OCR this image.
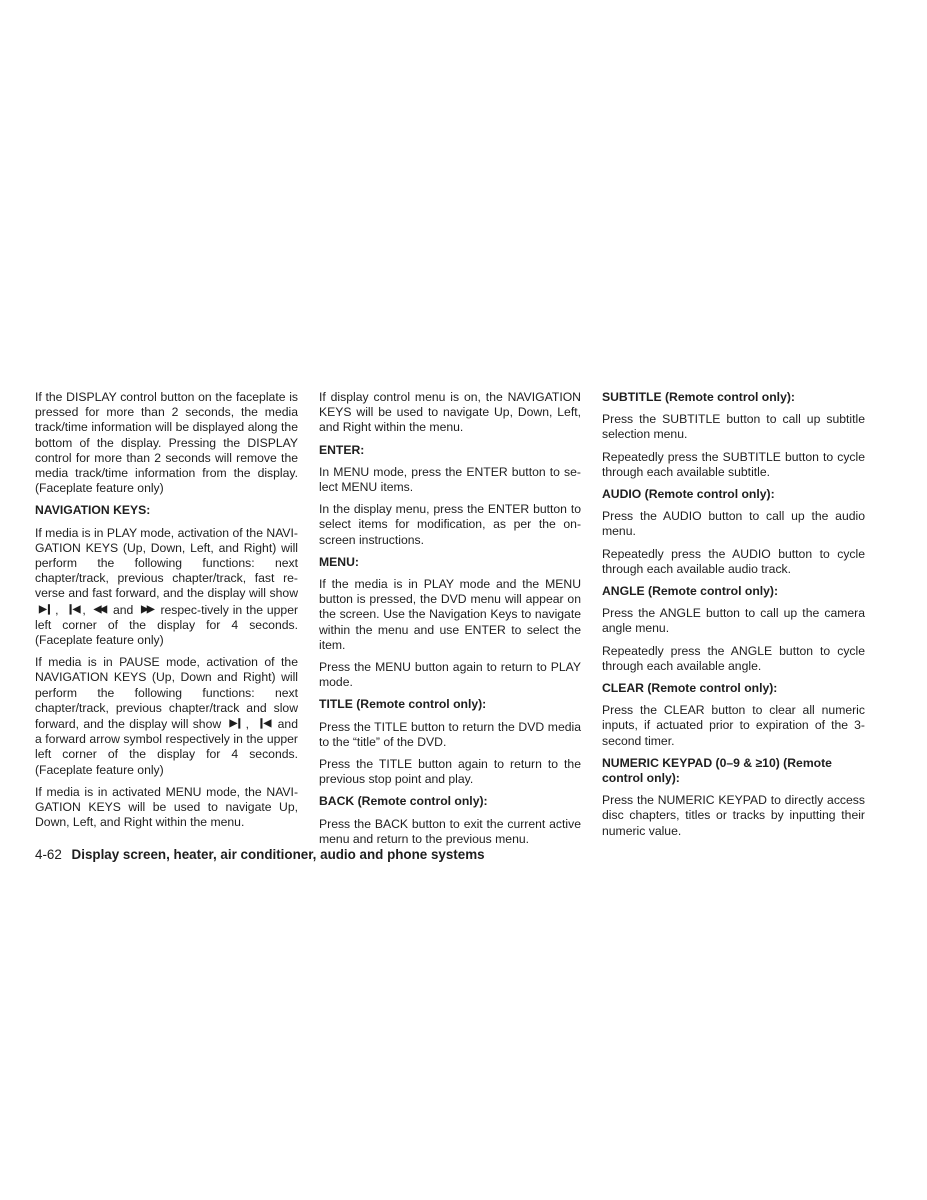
If the DISPLAY control button on the faceplate is pressed for more than 2 seconds, the media track/time information will be displayed along the bottom of the display. Pressing the DISPLAY control for more than 2 seconds will remove the media track/time information from the display. (Faceplate feature only)

NAVIGATION KEYS:

If media is in PLAY mode, activation of the NAVI-GATION KEYS (Up, Down, Left, and Right) will perform the following functions: next chapter/track, previous chapter/track, fast re-verse and fast forward, and the display will show ▶❙ , ❙◀ , ◀◀ and ▶▶ respec-tively in the upper left corner of the display for 4 seconds. (Faceplate feature only)

If media is in PAUSE mode, activation of the NAVIGATION KEYS (Up, Down and Right) will perform the following functions: next chapter/track, previous chapter/track and slow forward, and the display will show ▶❙ , ❙◀ and a forward arrow symbol respectively in the upper left corner of the display for 4 seconds. (Faceplate feature only)

If media is in activated MENU mode, the NAVI-GATION KEYS will be used to navigate Up, Down, Left, and Right within the menu.

If display control menu is on, the NAVIGATION KEYS will be used to navigate Up, Down, Left, and Right within the menu.

ENTER:

In MENU mode, press the ENTER button to se-lect MENU items.

In the display menu, press the ENTER button to select items for modification, as per the on-screen instructions.

MENU:

If the media is in PLAY mode and the MENU button is pressed, the DVD menu will appear on the screen. Use the Navigation Keys to navigate within the menu and use ENTER to select the item.

Press the MENU button again to return to PLAY mode.

TITLE (Remote control only):

Press the TITLE button to return the DVD media to the “title” of the DVD.

Press the TITLE button again to return to the previous stop point and play.

BACK (Remote control only):

Press the BACK button to exit the current active menu and return to the previous menu.

SUBTITLE (Remote control only):

Press the SUBTITLE button to call up subtitle selection menu.

Repeatedly press the SUBTITLE button to cycle through each available subtitle.

AUDIO (Remote control only):

Press the AUDIO button to call up the audio menu.

Repeatedly press the AUDIO button to cycle through each available audio track.

ANGLE (Remote control only):

Press the ANGLE button to call up the camera angle menu.

Repeatedly press the ANGLE button to cycle through each available angle.

CLEAR (Remote control only):

Press the CLEAR button to clear all numeric inputs, if actuated prior to expiration of the 3-second timer.

NUMERIC KEYPAD (0–9 & ≥10) (Remote control only):

Press the NUMERIC KEYPAD to directly access disc chapters, titles or tracks by inputting their numeric value.

4-62 Display screen, heater, air conditioner, audio and phone systems
